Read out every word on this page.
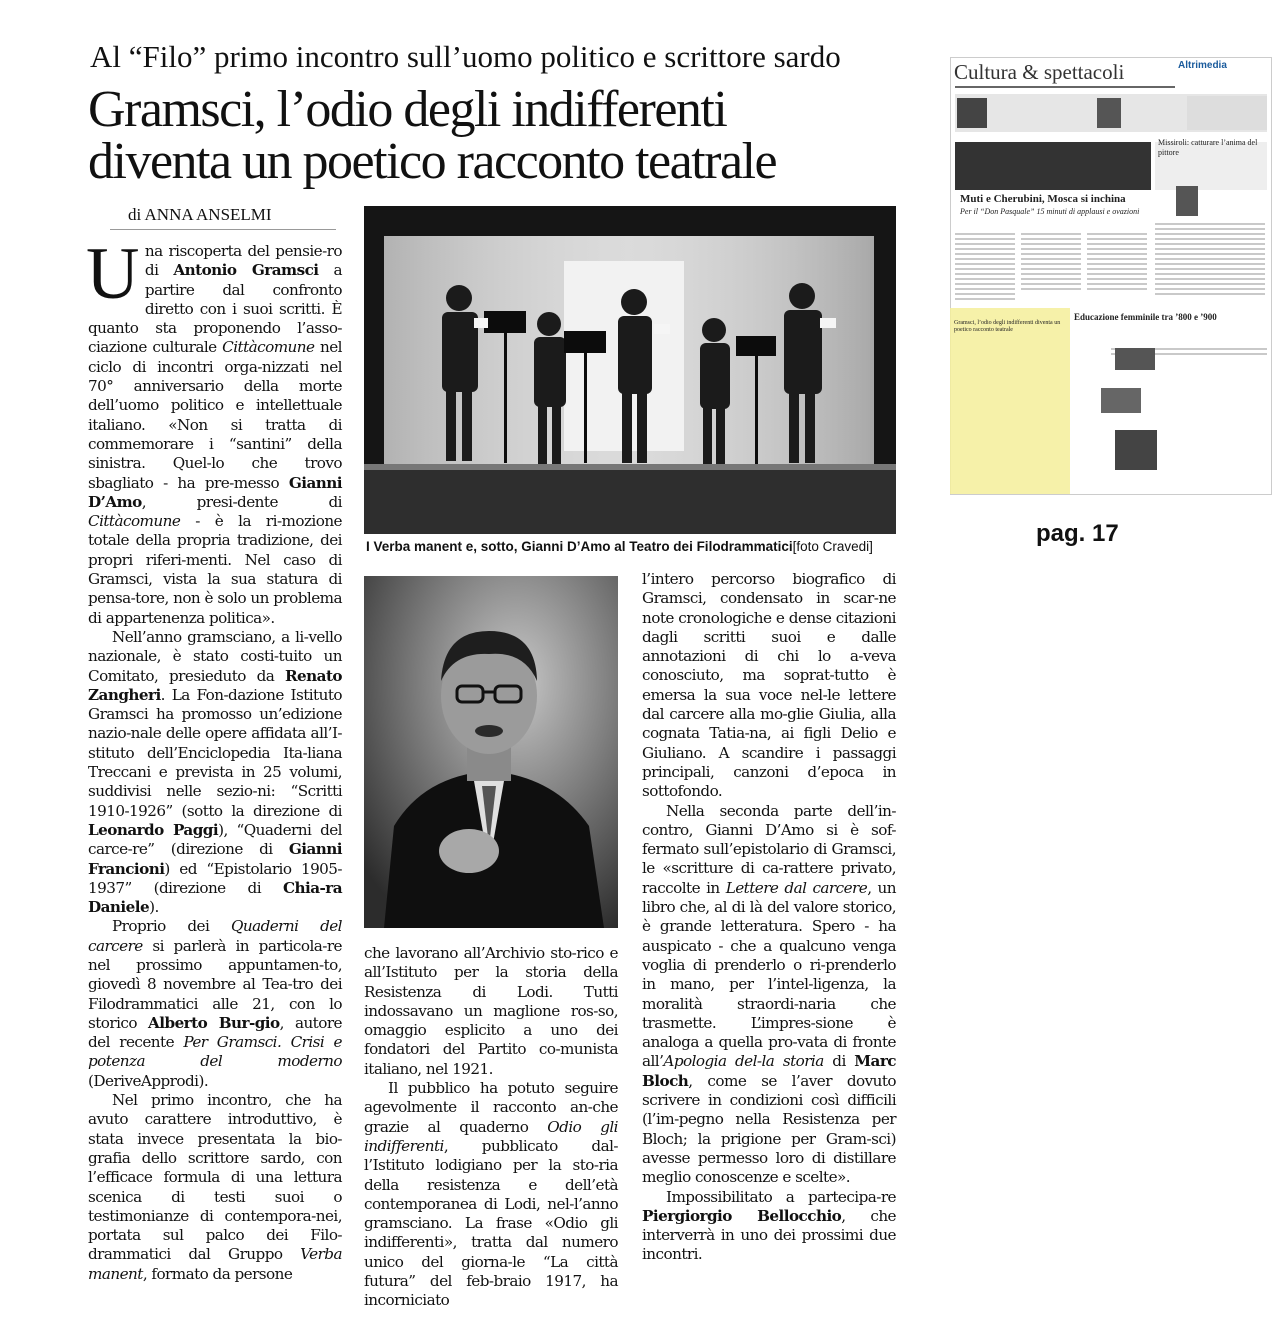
Al “Filo” primo incontro sull’uomo politico e scrittore sardo
Gramsci, l’odio degli indifferenti
diventa un poetico racconto teatrale
di ANNA ANSELMI
I Verba manent e, sotto, Gianni D’Amo al Teatro dei Filodrammatici[foto Cravedi]

Una riscoperta del pensie-ro di Antonio Gramsci a partire dal confronto diretto con i suoi scritti. È quanto sta proponendo l’asso-ciazione culturale Cittàcomune nel ciclo di incontri orga-nizzati nel 70° anniversario della morte dell’uomo politico e intellettuale italiano. «Non si tratta di commemorare i “santini” della sinistra. Quel-lo che trovo sbagliato - ha pre-messo Gianni D’Amo, presi-dente di Cittàcomune - è la ri-mozione totale della propria tradizione, dei propri riferi-menti. Nel caso di Gramsci, vista la sua statura di pensa-tore, non è solo un problema di appartenenza politica».

Nell’anno gramsciano, a li-vello nazionale, è stato costi-tuito un Comitato, presieduto da Renato Zangheri. La Fon-dazione Istituto Gramsci ha promosso un’edizione nazio-nale delle opere affidata all’I-stituto dell’Enciclopedia Ita-liana Treccani e prevista in 25 volumi, suddivisi nelle sezio-ni: “Scritti 1910-1926” (sotto la direzione di Leonardo Paggi), “Quaderni del carce-re” (direzione di Gianni Francioni) ed “Epistolario 1905-1937” (direzione di Chia-ra Daniele).

Proprio dei Quaderni del carcere si parlerà in particola-re nel prossimo appuntamen-to, giovedì 8 novembre al Tea-tro dei Filodrammatici alle 21, con lo storico Alberto Bur-gio, autore del recente Per Gramsci. Crisi e potenza del moderno (DeriveApprodi).

Nel primo incontro, che ha avuto carattere introduttivo, è stata invece presentata la bio-grafia dello scrittore sardo, con l’efficace formula di una lettura scenica di testi suoi o testimonianze di contempora-nei, portata sul palco dei Filo-drammatici dal Gruppo Verba manent, formato da persone

che lavorano all’Archivio sto-rico e all’Istituto per la storia della Resistenza di Lodi. Tutti indossavano un maglione ros-so, omaggio esplicito a uno dei fondatori del Partito co-munista italiano, nel 1921.

Il pubblico ha potuto seguire agevolmente il racconto an-che grazie al quaderno Odio gli indifferenti, pubblicato dal-l’Istituto lodigiano per la sto-ria della resistenza e dell’età contemporanea di Lodi, nel-l’anno gramsciano. La frase «Odio gli indifferenti», tratta dal numero unico del giorna-le “La città futura” del feb-braio 1917, ha incorniciato

l’intero percorso biografico di Gramsci, condensato in scar-ne note cronologiche e dense citazioni dagli scritti suoi e dalle annotazioni di chi lo a-veva conosciuto, ma soprat-tutto è emersa la sua voce nel-le lettere dal carcere alla mo-glie Giulia, alla cognata Tatia-na, ai figli Delio e Giuliano. A scandire i passaggi principali, canzoni d’epoca in sottofondo.

Nella seconda parte dell’in-contro, Gianni D’Amo si è sof-fermato sull’epistolario di Gramsci, le «scritture di ca-rattere privato, raccolte in Lettere dal carcere, un libro che, al di là del valore storico, è grande letteratura. Spero - ha auspicato - che a qualcuno venga voglia di prenderlo o ri-prenderlo in mano, per l’intel-ligenza, la moralità straordi-naria che trasmette. L’impres-sione è analoga a quella pro-vata di fronte all’Apologia del-la storia di Marc Bloch, come se l’aver dovuto scrivere in condizioni così difficili (l’im-pegno nella Resistenza per Bloch; la prigione per Gram-sci) avesse permesso loro di distillare meglio conoscenze e scelte».

Impossibilitato a partecipa-re Piergiorgio Bellocchio, che interverrà in uno dei prossimi due incontri.

Cultura & spettacoli	Altrimedia
Muti e Cherubini, Mosca si inchina
Per il “Don Pasquale” 15 minuti di applausi e ovazioni
Missiroli: catturare l’anima del pittore
Educazione femminile tra ’800 e ’900
Gramsci, l’odio degli indifferenti diventa un poetico racconto teatrale
pag. 17
